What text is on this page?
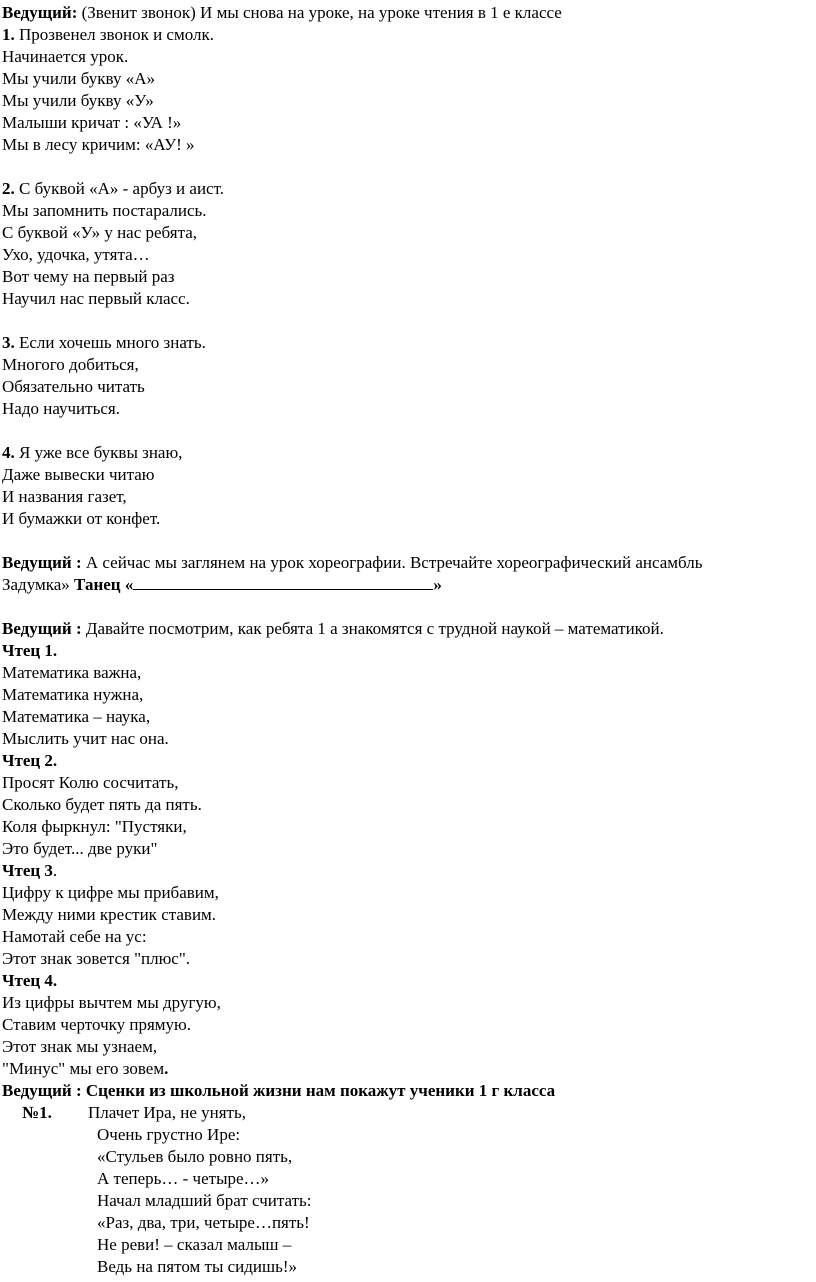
Ведущий: (Звенит звонок) И мы снова на уроке, на уроке чтения в 1 е классе
1. Прозвенел звонок и смолк.
Начинается урок.
Мы учили букву «А»
Мы учили букву «У»
Малыши кричат : «УА !»
Мы в лесу кричим: «АУ! »
2. С буквой «А» - арбуз и аист.
Мы запомнить постарались.
С буквой «У» у нас ребята,
Ухо, удочка, утята…
Вот чему на первый раз
Научил нас первый класс.
3. Если хочешь много знать.
Многого добиться,
Обязательно читать
Надо научиться.
4. Я уже все буквы знаю,
Даже вывески читаю
И названия газет,
И бумажки от конфет.
Ведущий : А сейчас мы заглянем на урок хореографии. Встречайте хореографический ансамбль
Задумка» Танец «	»
Ведущий : Давайте посмотрим, как ребята 1 а знакомятся с трудной наукой – математикой.
Чтец 1.
Математика важна,
Математика нужна,
Математика – наука,
Мыслить учит нас она.
Чтец 2.
Просят Колю сосчитать,
Сколько будет пять да пять.
Коля фыркнул: "Пустяки,
Это будет... две руки"
Чтец 3.
Цифру к цифре мы прибавим,
Между ними крестик ставим.
Намотай себе на ус:
Этот знак зовется "плюс".
Чтец 4.
Из цифры вычтем мы другую,
Ставим черточку прямую.
Этот знак мы узнаем,
"Минус" мы его зовем.
Ведущий : Сценки из школьной жизни нам покажут ученики 1 г класса
№1. Плачет Ира, не унять,
Очень грустно Ире:
«Стульев было ровно пять,
А теперь… - четыре…»
Начал младший брат считать:
«Раз, два, три, четыре…пять!
Не реви! – сказал малыш –
Ведь на пятом ты сидишь!»
